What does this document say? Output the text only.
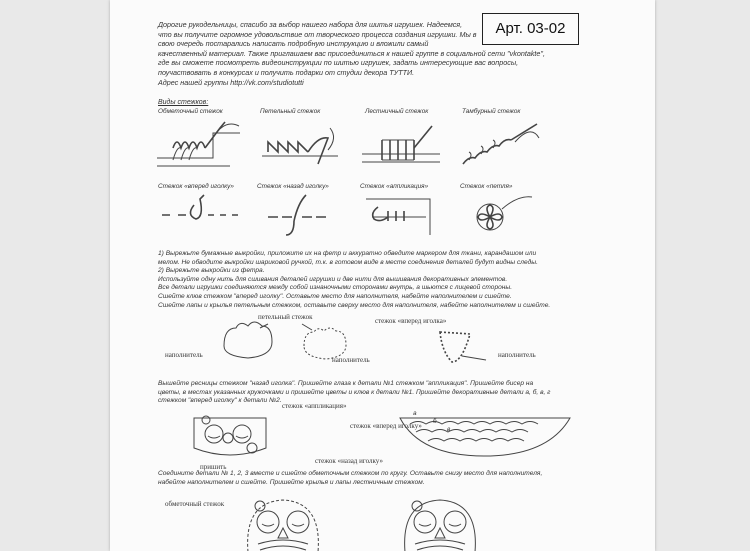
Арт. 03-02

Дорогие рукодельницы, спасибо за выбор нашего набора для шитья игрушек. Надеемся,

что вы получите огромное удовольствие от творческого процесса создания игрушки. Мы в

свою очередь постарались написать подробную инструкцию и вложили самый

качественный материал. Также приглашаем вас присоединиться к нашей группе в социальной сети "vkontakte",

где вы сможете посмотреть видеоинструкции по шитью игрушек, задать интересующие вас вопросы,

поучаствовать в конкурсах и получить подарки от студии декора ТУТТИ.

Адрес нашей группы http://vk.com/studiotutti

Виды стежков:
Обметочный стежок	Петельный стежок	Лестничный стежок	Тамбурный стежок
Стежок «вперед иголку»	Стежок «назад иголку»	Стежок «аппликация»	Стежок «петля»

1) Вырежьте бумажные выкройки, приложите их на фетр и аккуратно обведите маркером для ткани, карандашом или

мелом. Не обводите выкройки шариковой ручкой, т.к. в готовом виде в месте соединения деталей будут видны следы.

2) Вырежьте выкройки из фетра.

Используйте одну нить для сшивания деталей игрушки и две нити для вышивания декоративных элементов.

Все детали игрушки соединяются между собой изнаночными сторонами внутрь, а шьются с лицевой стороны.

Сшейте клюв стежком "вперед иголку". Оставьте место для наполнителя, набейте наполнителем и сшейте.

Сшейте лапы и крылья петельным стежком, оставьте сверху место для наполнителя, набейте наполнителем и сшейте.

петельный стежок	стежок «вперед иголка»
наполнитель
наполнитель
наполнитель

Вышейте ресницы стежком "назад иголка". Пришейте глаза к детали №1 стежком "аппликация". Пришейте бисер на

цветы, в местах указанных кружочками и пришейте цветы и клюв к детали №1. Пришейте декоративные детали а, б, в, г

стежком "вперед иголку" к детали №2.

стежок «аппликация»
стежок «вперед иголку»
пришить
стежок «назад иголку»
а
б
в

Соедините детали № 1, 2, 3 вместе и сшейте обметочным стежком по кругу. Оставьте снизу место для наполнителя,

набейте наполнителем и сшейте. Пришейте крылья и лапы лестничным стежком.

обметочный стежок
